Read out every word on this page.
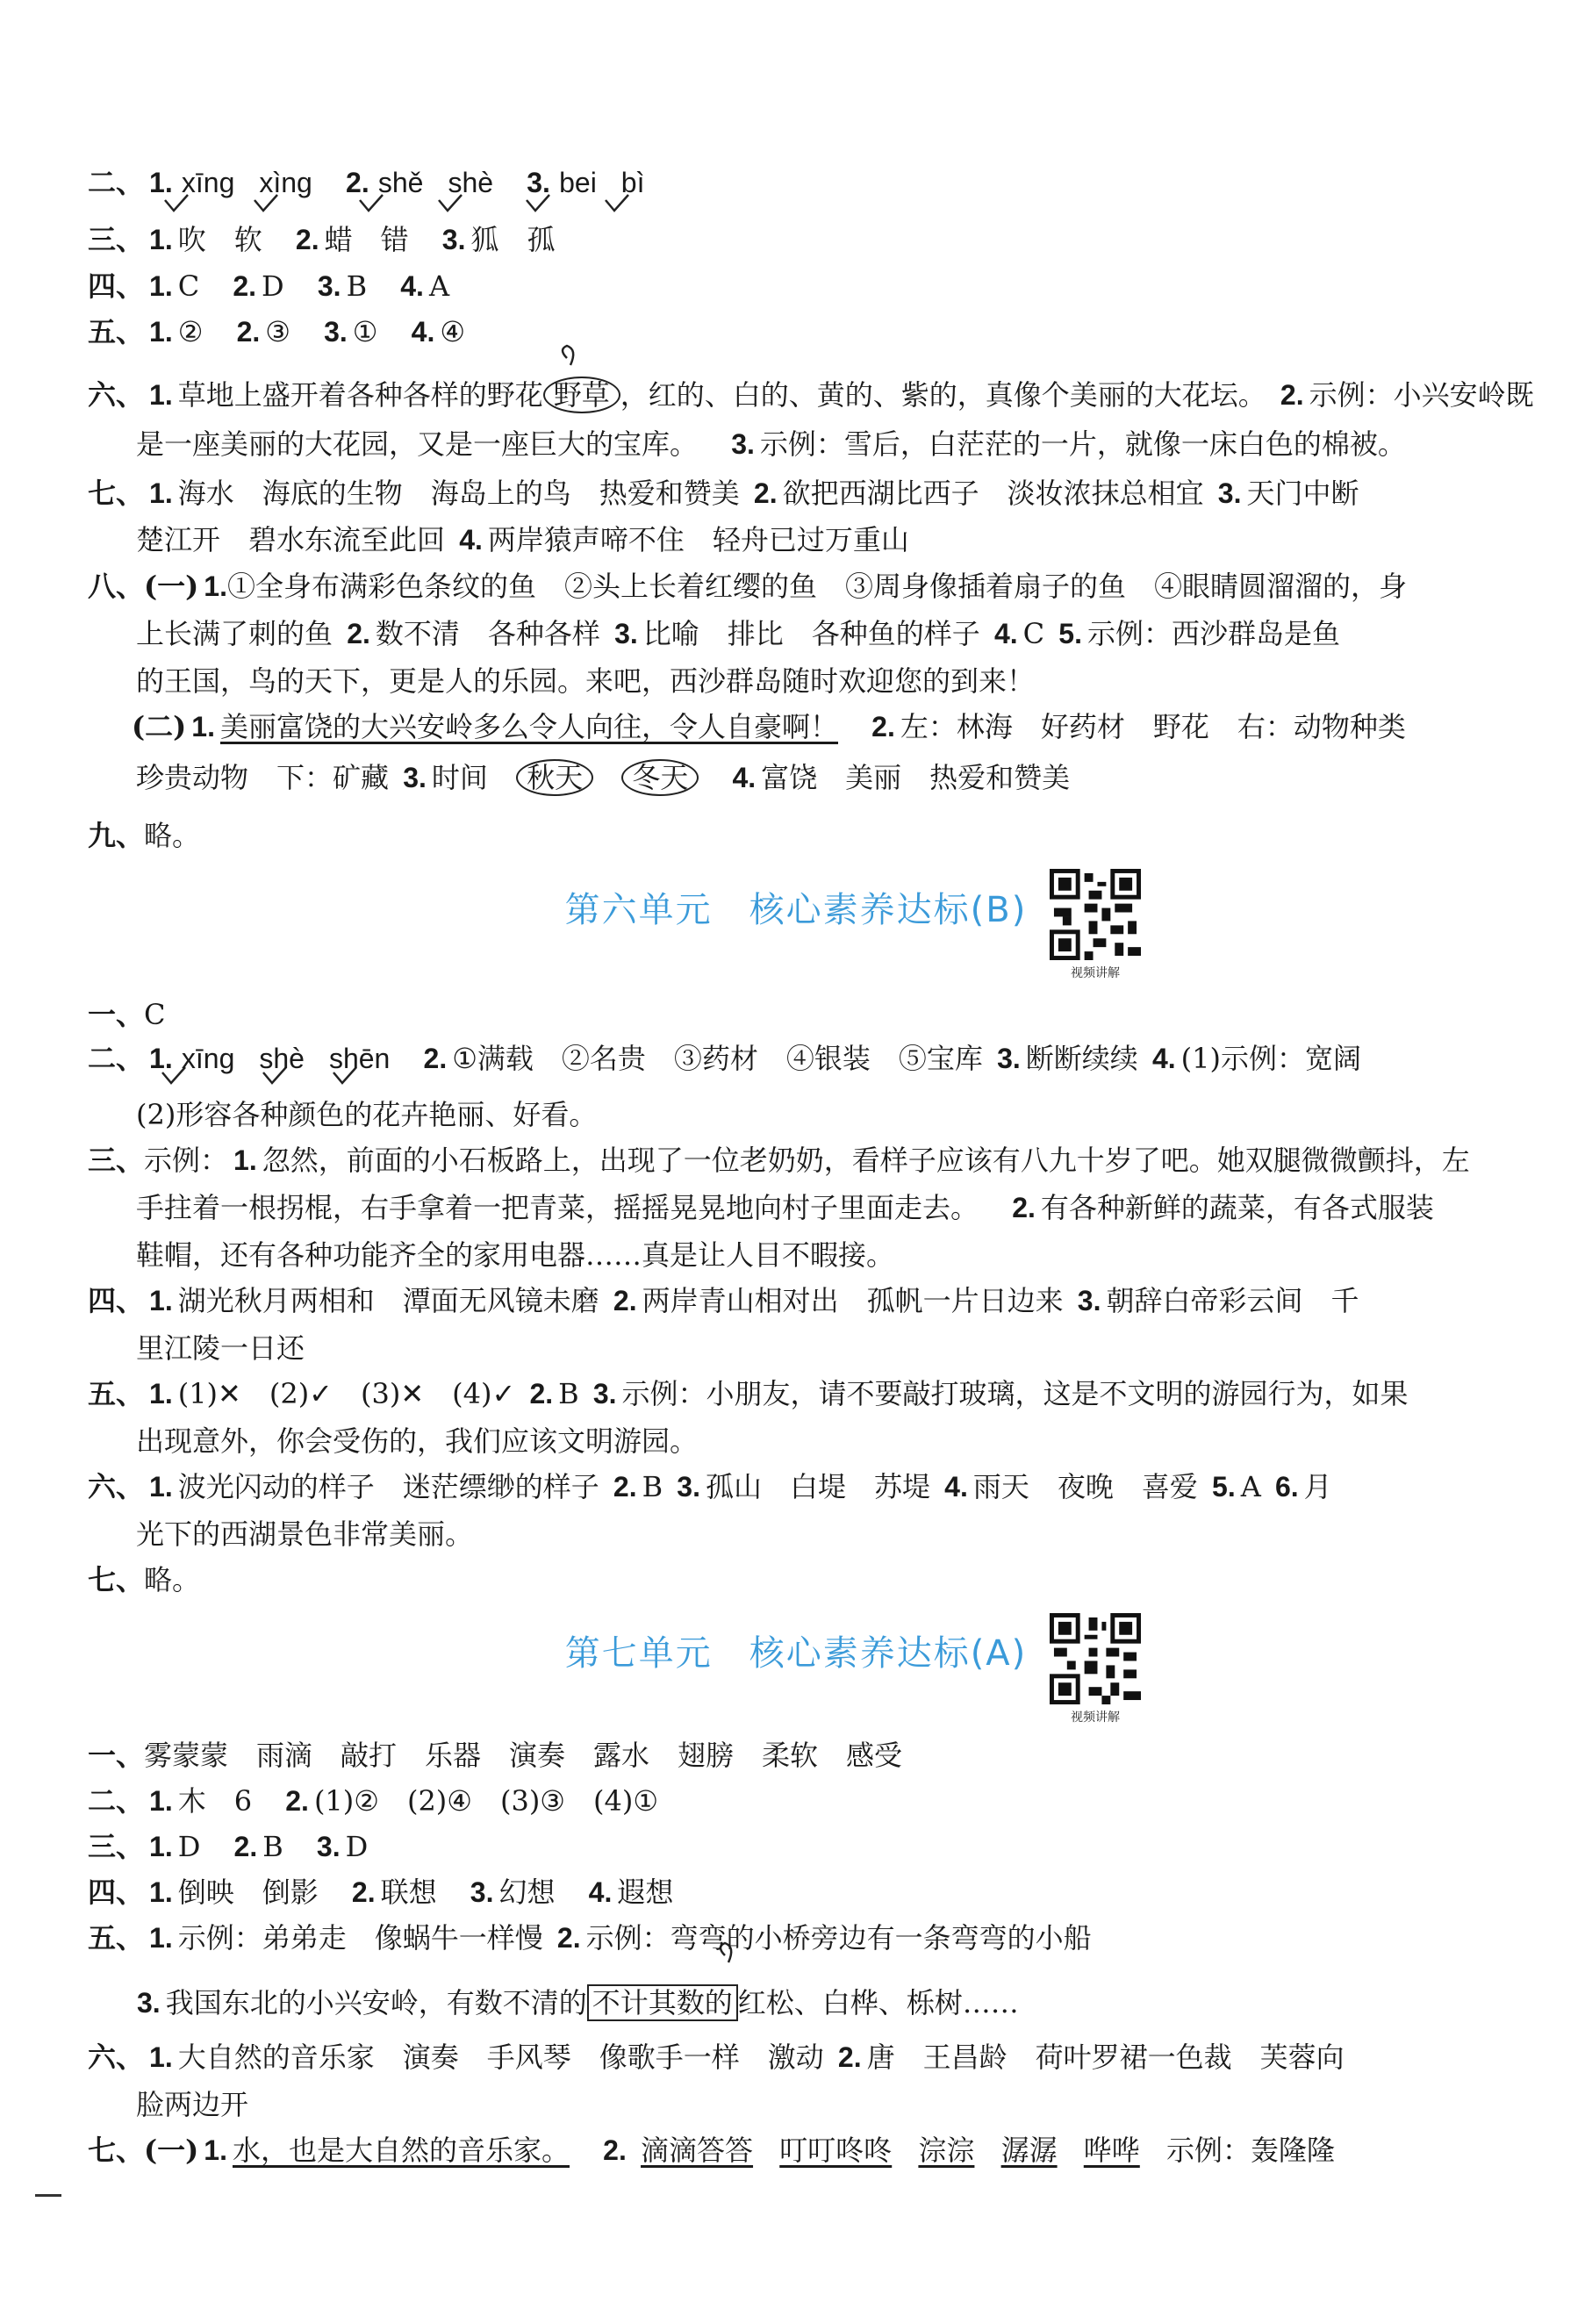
二、 1. xīng xìng 2. shě shè 3. bei bì
三、 1. 吹　软 2. 蜡　错 3. 狐　孤
四、 1. C 2. D 3. B 4. A
五、 1. ② 2. ③ 3. ① 4. ④
六、 1. 草地上盛开着各种各样的野花 野草 ，红的、白的、黄的、紫的，真像个美丽的大花坛。 2. 示例：小兴安岭既
是一座美丽的大花园，又是一座巨大的宝库。 3. 示例：雪后，白茫茫的一片，就像一床白色的棉被。
七、 1. 海水　海底的生物　海岛上的鸟　热爱和赞美 2. 欲把西湖比西子　淡妆浓抹总相宜 3. 天门中断
楚江开　碧水东流至此回 4. 两岸猿声啼不住　轻舟已过万重山
八、(一) 1.①全身布满彩色条纹的鱼　②头上长着红缨的鱼　③周身像插着扇子的鱼　④眼睛圆溜溜的，身
上长满了刺的鱼 2. 数不清　各种各样 3. 比喻　排比　各种鱼的样子 4. C 5. 示例：西沙群岛是鱼
的王国，鸟的天下，更是人的乐园。来吧，西沙群岛随时欢迎您的到来！
(二) 1. 美丽富饶的大兴安岭多么令人向往，令人自豪啊！ 2. 左：林海　好药材　野花　右：动物种类
珍贵动物　下：矿藏 3. 时间 秋天 冬天 4. 富饶　美丽　热爱和赞美
九、略。
第六单元　核心素养达标(B)
视频讲解
一、C
二、 1. xīng shè shēn 2. ①满载　②名贵　③药材　④银装　⑤宝库 3. 断断续续 4. (1)示例：宽阔
(2)形容各种颜色的花卉艳丽、好看。
三、示例： 1. 忽然，前面的小石板路上，出现了一位老奶奶，看样子应该有八九十岁了吧。她双腿微微颤抖，左
手拄着一根拐棍，右手拿着一把青菜，摇摇晃晃地向村子里面走去。 2. 有各种新鲜的蔬菜，有各式服装
鞋帽，还有各种功能齐全的家用电器……真是让人目不暇接。
四、 1. 湖光秋月两相和　潭面无风镜未磨 2. 两岸青山相对出　孤帆一片日边来 3. 朝辞白帝彩云间　千
里江陵一日还
五、 1. (1)✕　(2)✓　(3)✕　(4)✓ 2. B 3. 示例：小朋友，请不要敲打玻璃，这是不文明的游园行为，如果
出现意外，你会受伤的，我们应该文明游园。
六、 1. 波光闪动的样子　迷茫缥缈的样子 2. B 3. 孤山　白堤　苏堤 4. 雨天　夜晚　喜爱 5. A 6. 月
光下的西湖景色非常美丽。
七、略。
第七单元　核心素养达标(A)
视频讲解
一、雾蒙蒙　雨滴　敲打　乐器　演奏　露水　翅膀　柔软　感受
二、 1. 木　6 2. (1)②　(2)④　(3)③　(4)①
三、 1. D 2. B 3. D
四、 1. 倒映　倒影 2. 联想 3. 幻想 4. 遐想
五、 1. 示例：弟弟走　像蜗牛一样慢 2. 示例：弯弯的小桥旁边有一条弯弯的小船
3. 我国东北的小兴安岭，有数不清的 不计其数的 红松、白桦、栎树……
六、 1. 大自然的音乐家　演奏　手风琴　像歌手一样　激动 2. 唐　王昌龄　荷叶罗裙一色裁　芙蓉向
脸两边开
七、(一) 1. 水，也是大自然的音乐家。 2. 滴滴答答 叮叮咚咚 淙淙 潺潺 哗哗 示例：轰隆隆
